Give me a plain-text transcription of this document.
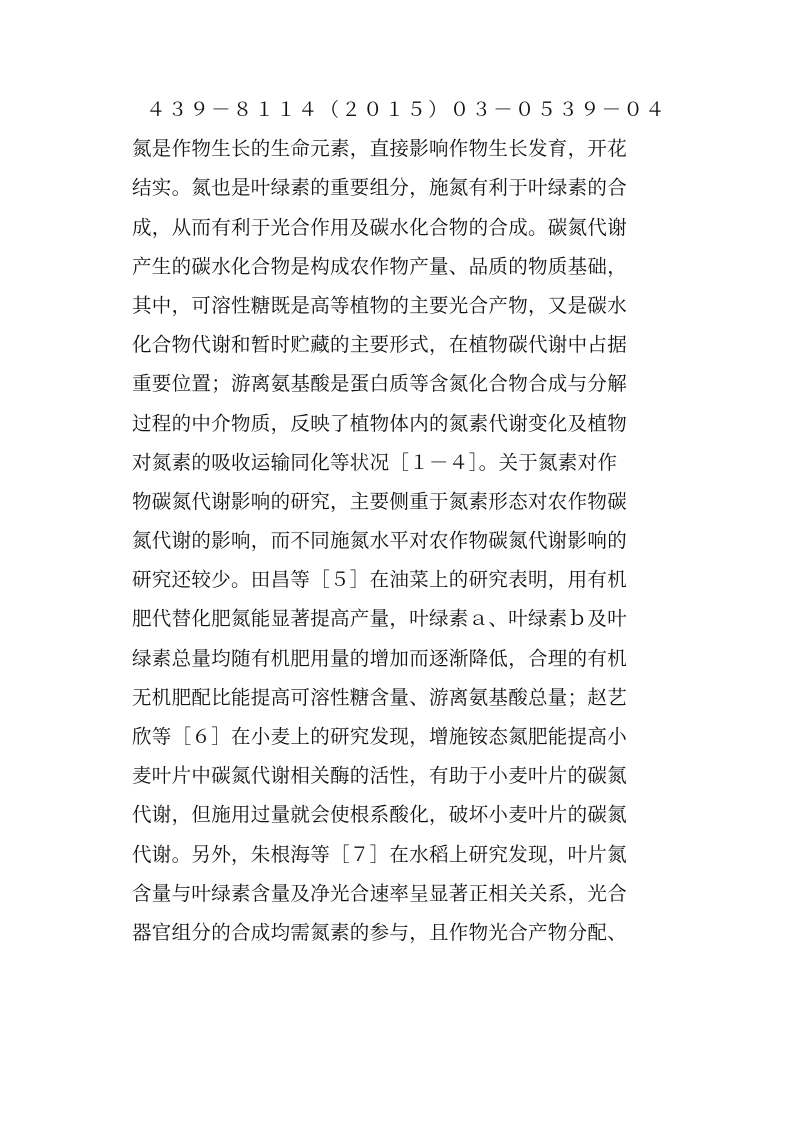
４３９－８１１４（２０１５）０３－０５３９－０４
氮是作物生长的生命元素，直接影响作物生长发育，开花
结实。氮也是叶绿素的重要组分，施氮有利于叶绿素的合
成，从而有利于光合作用及碳水化合物的合成。碳氮代谢
产生的碳水化合物是构成农作物产量、品质的物质基础，
其中，可溶性糖既是高等植物的主要光合产物，又是碳水
化合物代谢和暂时贮藏的主要形式，在植物碳代谢中占据
重要位置；游离氨基酸是蛋白质等含氮化合物合成与分解
过程的中介物质，反映了植物体内的氮素代谢变化及植物
对氮素的吸收运输同化等状况［１－４］。关于氮素对作
物碳氮代谢影响的研究，主要侧重于氮素形态对农作物碳
氮代谢的影响，而不同施氮水平对农作物碳氮代谢影响的
研究还较少。田昌等［５］在油菜上的研究表明，用有机
肥代替化肥氮能显著提高产量，叶绿素ａ、叶绿素ｂ及叶
绿素总量均随有机肥用量的增加而逐渐降低，合理的有机
无机肥配比能提高可溶性糖含量、游离氨基酸总量；赵艺
欣等［６］在小麦上的研究发现，增施铵态氮肥能提高小
麦叶片中碳氮代谢相关酶的活性，有助于小麦叶片的碳氮
代谢，但施用过量就会使根系酸化，破坏小麦叶片的碳氮
代谢。另外，朱根海等［７］在水稻上研究发现，叶片氮
含量与叶绿素含量及净光合速率呈显著正相关关系，光合
器官组分的合成均需氮素的参与，且作物光合产物分配、
